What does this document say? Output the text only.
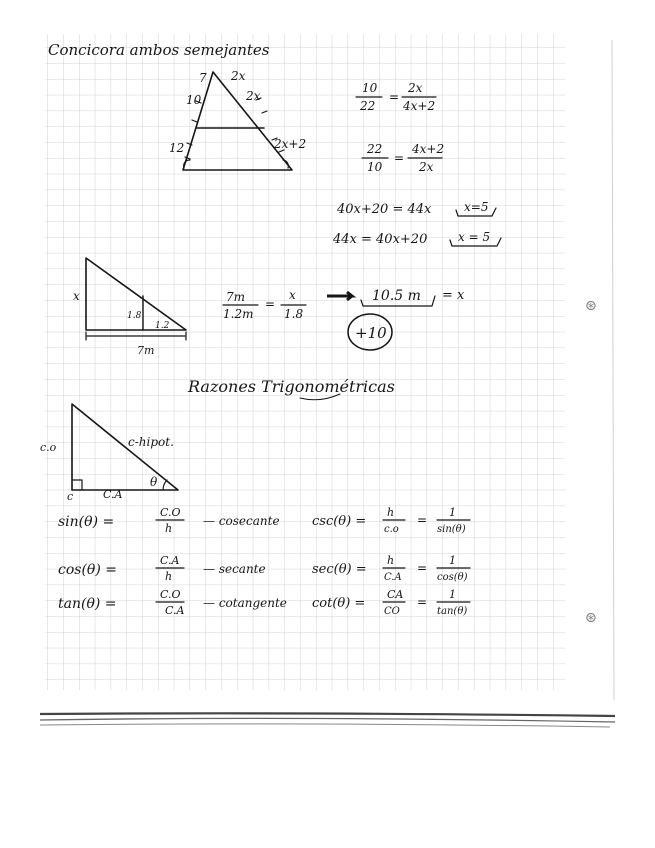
⊛
⊛
Concicora ambos semejantes
7 2x
10	2x
12	2x+2
10
22
=
2x
4x+2
22
10
=
4x+2
2x
40x+20 = 44x	x=5
44x = 40x+20	x = 5
x
1.8
1.2
7m
7m
1.2m
=
x
1.8
10.5 m = x
+10
Razones Trigonométricas
c.o	c-hipot.
c	C.A
θ
sin(θ) =
C.O
h
— cosecante csc(θ) =
h
c.o
=
1
sin(θ)
cos(θ) =
C.A
h
— secante	sec(θ) =
h
C.A
=
1
cos(θ)
tan(θ) =
C.O
C.A
— cotangente cot(θ) =
CA
CO
=
1
tan(θ)
